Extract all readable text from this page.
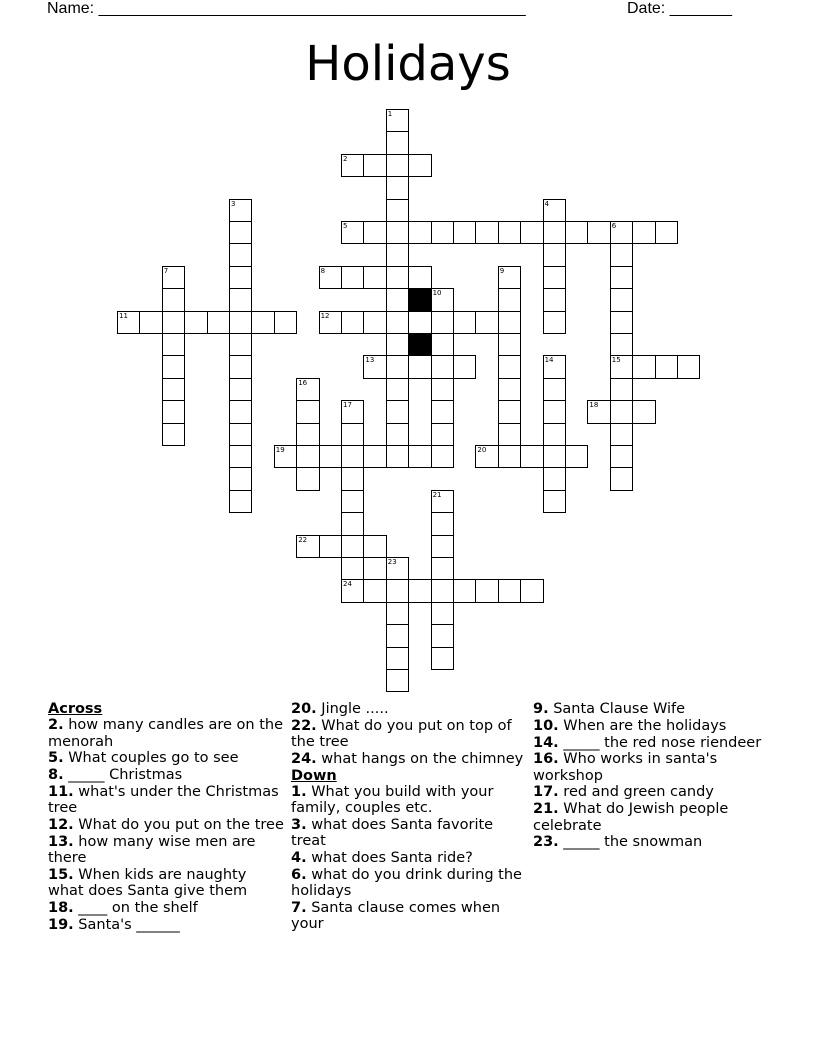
Name: ________________________________________________	Date: _______
Holidays
1
2
3	4
5	6
15
7	8	9
10
11	12
13	14
16
17
24
18
19	20
21
22
23
Across
2. how many candles are on the menorah
5. What couples go to see
8. _____ Christmas
11. what's under the Christmas tree
12. What do you put on the tree
13. how many wise men are there
15. When kids are naughty what does Santa give them
18. ____ on the shelf
19. Santa's ______
20. Jingle .....
22. What do you put on top of the tree
24. what hangs on the chimney
Down
1. What you build with your family, couples etc.
3. what does Santa favorite treat
4. what does Santa ride?
6. what do you drink during the holidays
7. Santa clause comes when your
9. Santa Clause Wife
10. When are the holidays
14. _____ the red nose riendeer
16. Who works in santa's workshop
17. red and green candy
21. What do Jewish people celebrate
23. _____ the snowman
